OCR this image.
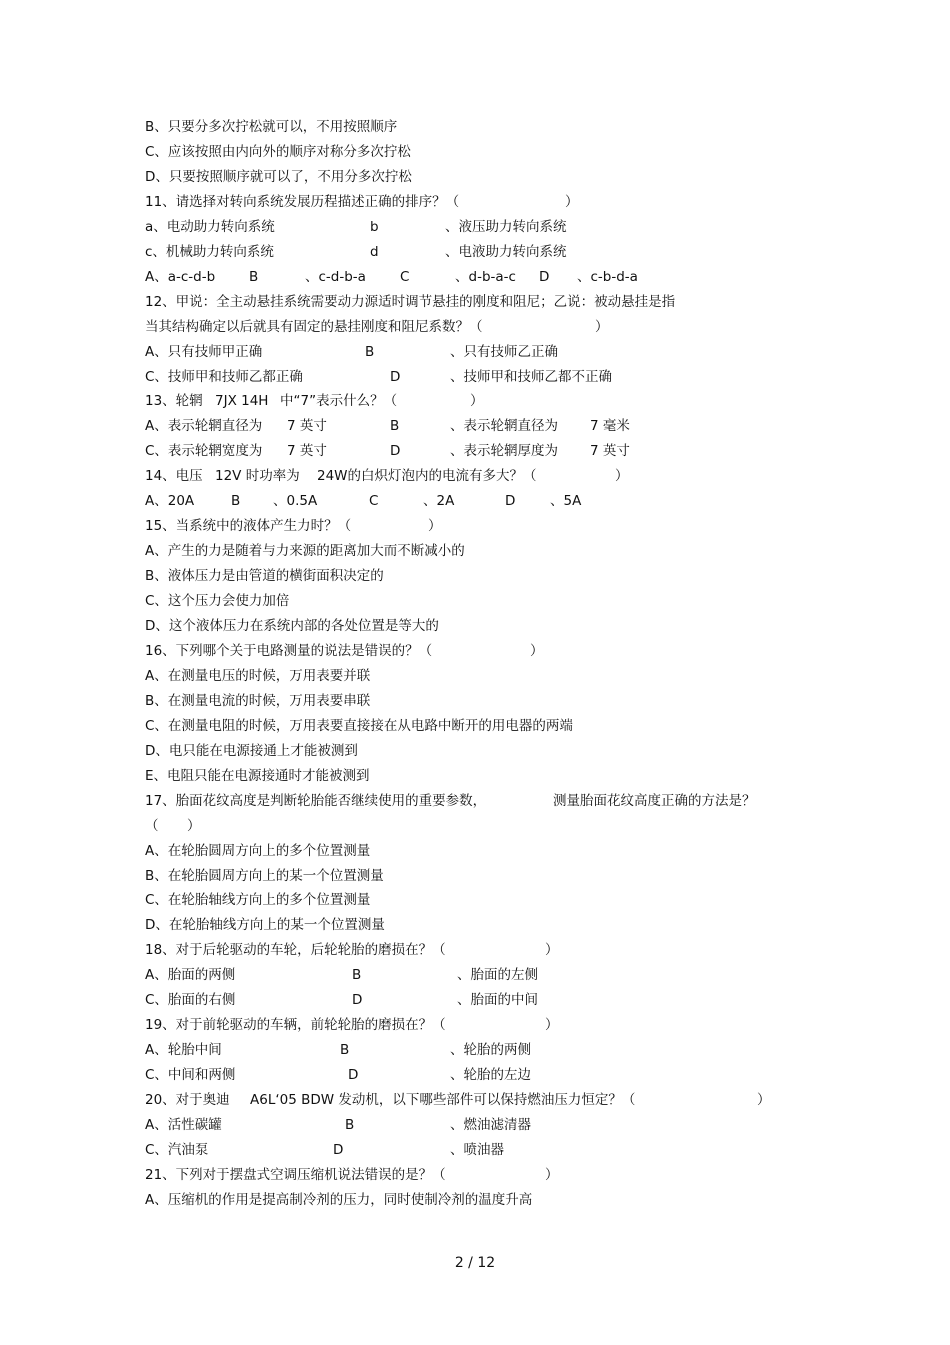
B、只要分多次拧松就可以，不用按照顺序
C、应该按照由内向外的顺序对称分多次拧松
D、只要按照顺序就可以了，不用分多次拧松
11、请选择对转向系统发展历程描述正确的排序？（	）
a、电动助力转向系统	b	、液压助力转向系统
c、机械助力转向系统	d	、电液助力转向系统
A、a-c-d-b	B	、c-d-b-a	C	、d-b-a-c D 、c-b-d-a
12、甲说：全主动悬挂系统需要动力源适时调节悬挂的刚度和阻尼；乙说：被动悬挂是指
当其结构确定以后就具有固定的悬挂刚度和阻尼系数？（	）
A、只有技师甲正确	B	、只有技师乙正确
C、技师甲和技师乙都正确	D	、技师甲和技师乙都不正确
13、轮辋 7JX 14H 中“7”表示什么？（	）
A、表示轮辋直径为 7 英寸	B	、表示轮辋直径为 7 毫米
C、表示轮辋宽度为 7 英寸	D	、表示轮辋厚度为 7 英寸
14、电压 12V 时功率为 24W的白炽灯泡内的电流有多大？（	）
A、20A	B 、0.5A	C	、2A	D	、5A
15、当系统中的液体产生力时？（	）
A、产生的力是随着与力来源的距离加大而不断减小的
B、液体压力是由管道的横街面积决定的
C、这个压力会使力加倍
D、这个液体压力在系统内部的各处位置是等大的
16、下列哪个关于电路测量的说法是错误的？（	）
A、在测量电压的时候，万用表要并联
B、在测量电流的时候，万用表要串联
C、在测量电阻的时候，万用表要直接接在从电路中断开的用电器的两端
D、电只能在电源接通上才能被测到
E、电阻只能在电源接通时才能被测到
17、胎面花纹高度是判断轮胎能否继续使用的重要参数，	测量胎面花纹高度正确的方法是？
（ ）
A、在轮胎圆周方向上的多个位置测量
B、在轮胎圆周方向上的某一个位置测量
C、在轮胎轴线方向上的多个位置测量
D、在轮胎轴线方向上的某一个位置测量
18、对于后轮驱动的车轮，后轮轮胎的磨损在？（	）
A、胎面的两侧	B	、胎面的左侧
C、胎面的右侧	D	、胎面的中间
19、对于前轮驱动的车辆，前轮轮胎的磨损在？（	）
A、轮胎中间	B	、轮胎的两侧
C、中间和两侧	D	、轮胎的左边
20、对于奥迪 A6L‘05 BDW 发动机，以下哪些部件可以保持燃油压力恒定？（	）
A、活性碳罐	B	、燃油滤清器
C、汽油泵	D	、喷油器
21、下列对于摆盘式空调压缩机说法错误的是？（	）
A、压缩机的作用是提高制冷剂的压力，同时使制冷剂的温度升高
2 / 12
